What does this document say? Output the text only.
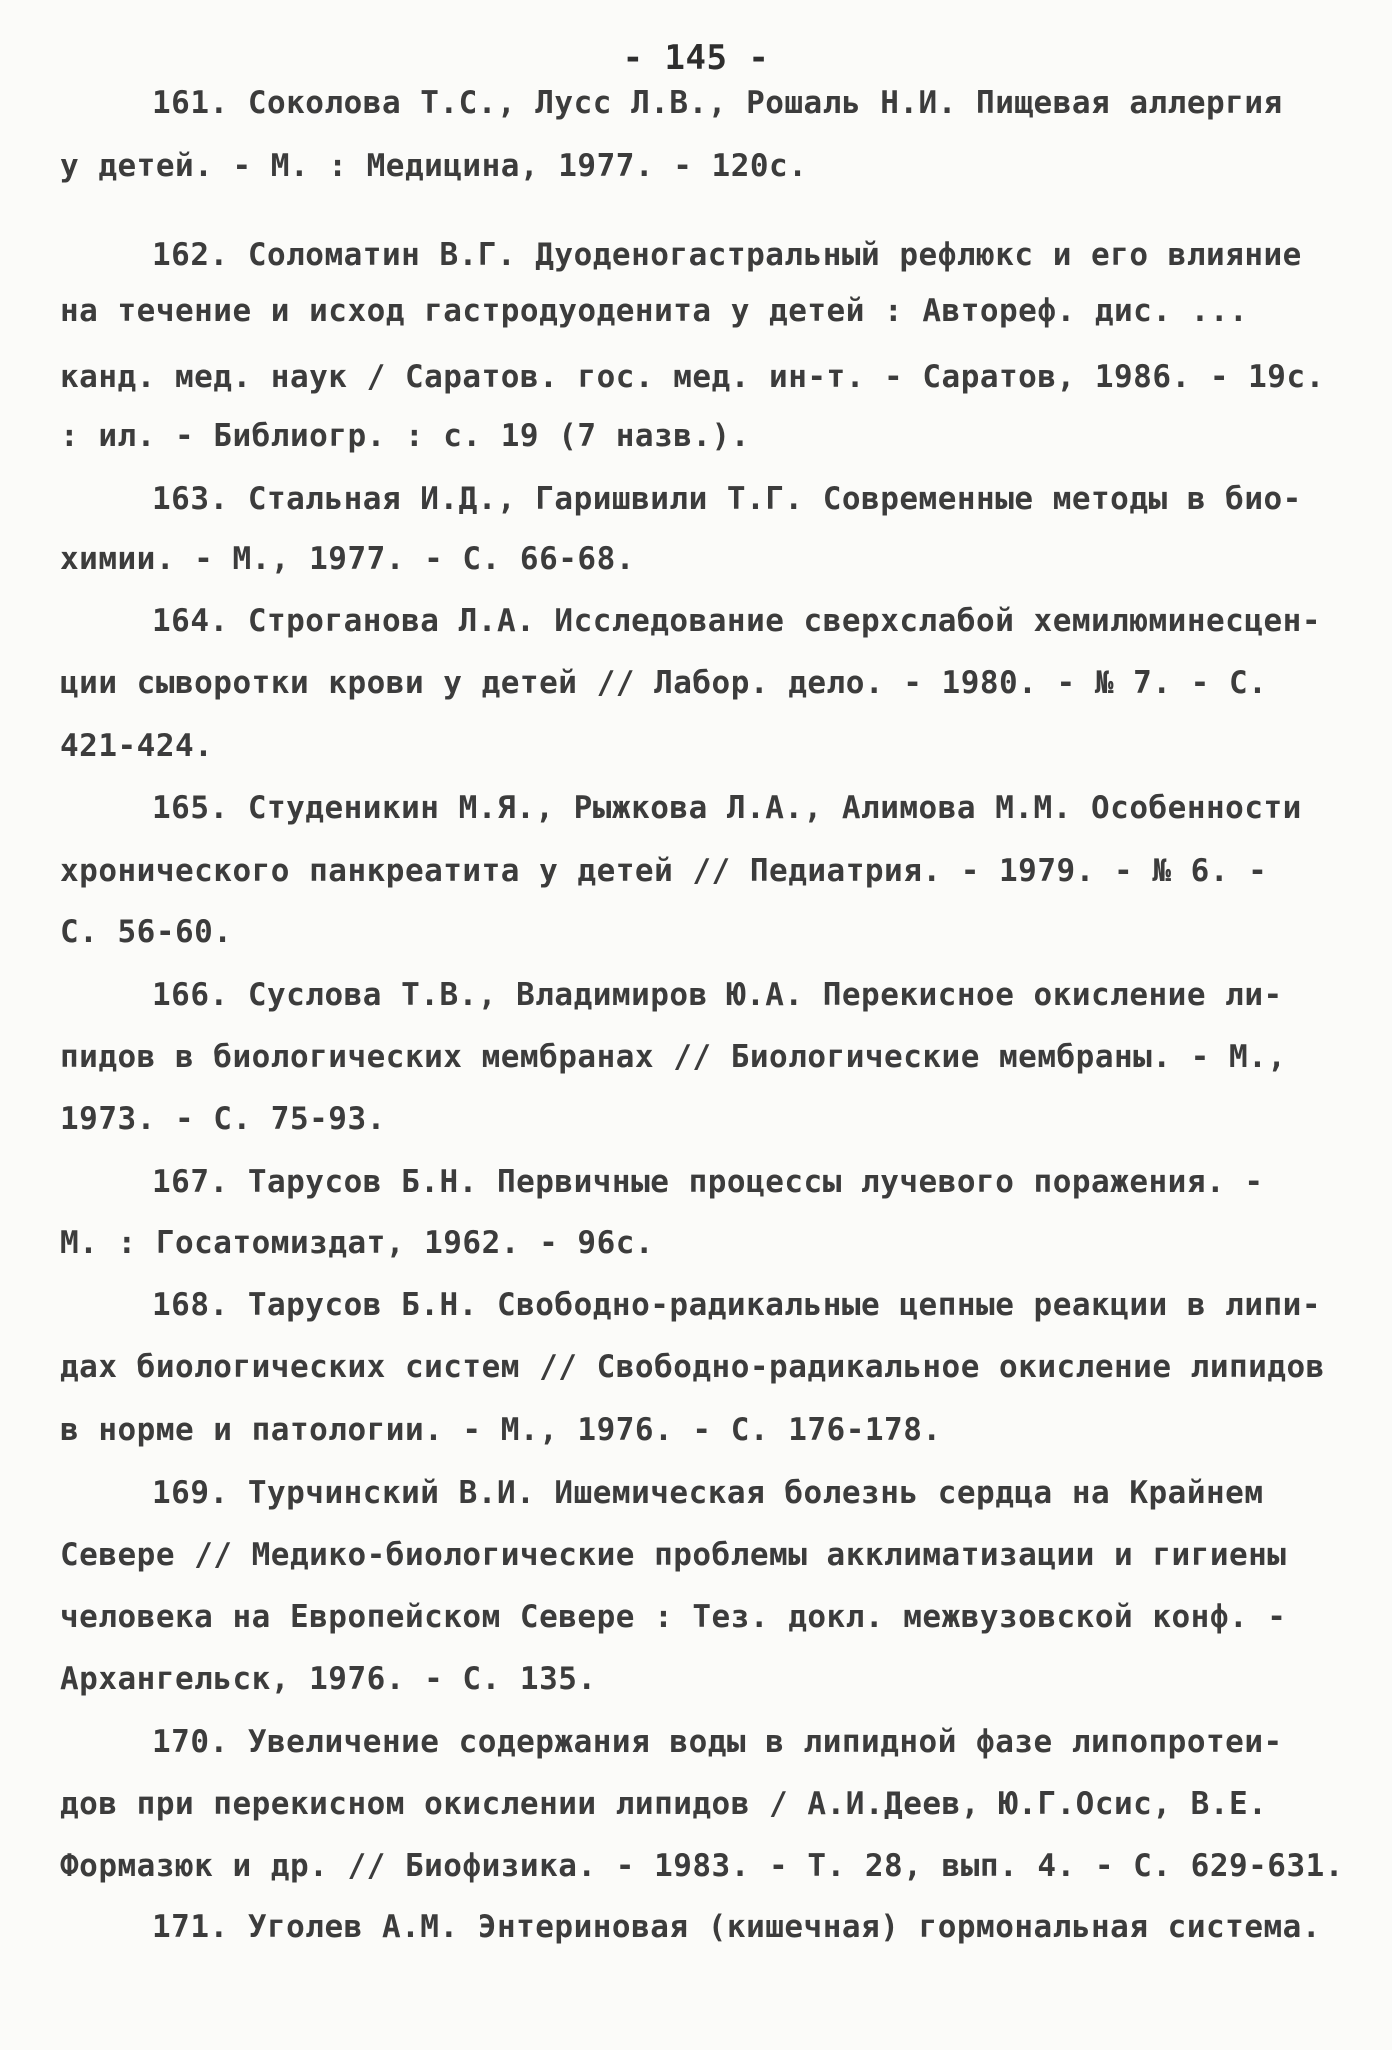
- 145 -
161. Соколова Т.С., Лусс Л.В., Рошаль Н.И. Пищевая аллергия
у детей. - М. : Медицина, 1977. - 120с.
162. Соломатин В.Г. Дуоденогастральный рефлюкс и его влияние
на течение и исход гастродуоденита у детей : Автореф. дис. ...
канд. мед. наук / Саратов. гос. мед. ин-т. - Саратов, 1986. - 19с.
: ил. - Библиогр. : с. 19 (7 назв.).
163. Стальная И.Д., Гаришвили Т.Г. Современные методы в био-
химии. - М., 1977. - С. 66-68.
164. Строганова Л.А. Исследование сверхслабой хемилюминесцен-
ции сыворотки крови у детей // Лабор. дело. - 1980. - № 7. - С.
421-424.
165. Студеникин М.Я., Рыжкова Л.А., Алимова М.М. Особенности
хронического панкреатита у детей // Педиатрия. - 1979. - № 6. -
С. 56-60.
166. Суслова Т.В., Владимиров Ю.А. Перекисное окисление ли-
пидов в биологических мембранах // Биологические мембраны. - М.,
1973. - С. 75-93.
167. Тарусов Б.Н. Первичные процессы лучевого поражения. -
М. : Госатомиздат, 1962. - 96с.
168. Тарусов Б.Н. Свободно-радикальные цепные реакции в липи-
дах биологических систем // Свободно-радикальное окисление липидов
в норме и патологии. - М., 1976. - С. 176-178.
169. Турчинский В.И. Ишемическая болезнь сердца на Крайнем
Севере // Медико-биологические проблемы акклиматизации и гигиены
человека на Европейском Севере : Тез. докл. межвузовской конф. -
Архангельск, 1976. - С. 135.
170. Увеличение содержания воды в липидной фазе липопротеи-
дов при перекисном окислении липидов / А.И.Деев, Ю.Г.Осис, В.Е.
Формазюк и др. // Биофизика. - 1983. - Т. 28, вып. 4. - С. 629-631.
171. Уголев А.М. Энтериновая (кишечная) гормональная система.
